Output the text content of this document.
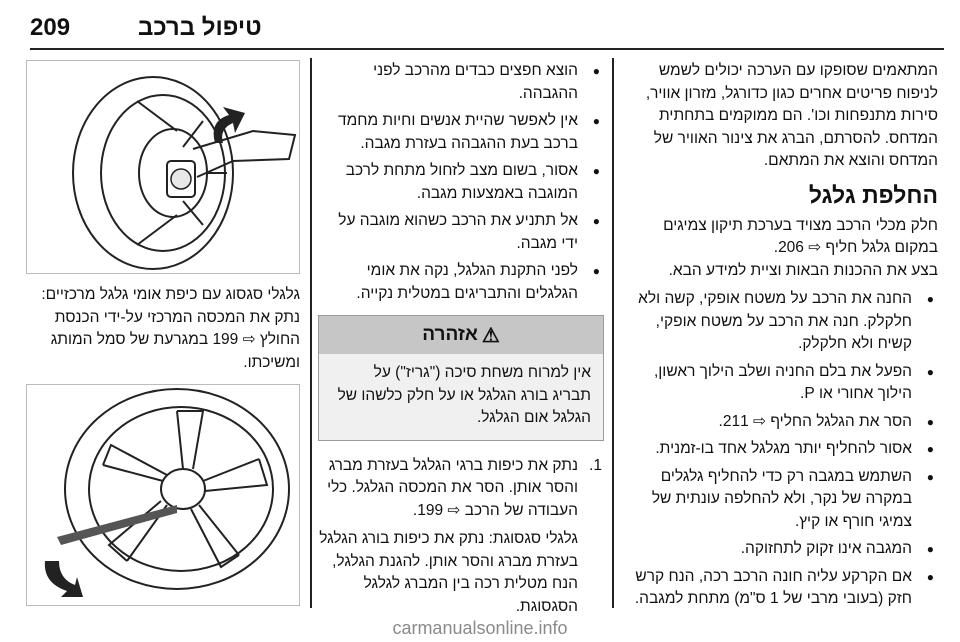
209	טיפול ברכב

המתאמים שסופקו עם הערכה יכולים לשמש לניפוח פריטים אחרים כגון כדורגל, מזרון אוויר, סירות מתנפחות וכו'. הם ממוקמים בתחתית המדחס. להסרתם, הברג את צינור האוויר של המדחס והוצא את המתאם.

החלפת גלגל

חלק מכלי הרכב מצויד בערכת תיקון צמיגים במקום גלגל חליף ⇨ 206.

בצע את ההכנות הבאות וציית למידע הבא.

● החנה את הרכב על משטח אופקי, קשה ולא חלקלק. חנה את הרכב על משטח אופקי, קשיח ולא חלקלק.
● הפעל את בלם החניה ושלב הילוך ראשון, הילוך אחורי או P.
● הסר את הגלגל החליף ⇨ 211.
● אסור להחליף יותר מגלגל אחד בו-זמנית.
● השתמש במגבה רק כדי להחליף גלגלים במקרה של נקר, ולא להחלפה עונתית של צמיגי חורף או קיץ.
● המגבה אינו זקוק לתחזוקה.
● אם הקרקע עליה חונה הרכב רכה, הנח קרש חזק (בעובי מרבי של 1 ס"מ) מתחת למגבה.
● הוצא חפצים כבדים מהרכב לפני ההגבהה.
● אין לאפשר שהיית אנשים וחיות מחמד ברכב בעת ההגבהה בעזרת מגבה.
● אסור, בשום מצב לזחול מתחת לרכב המוגבה באמצעות מגבה.
● אל תתניע את הרכב כשהוא מוגבה על ידי מגבה.
● לפני התקנת הגלגל, נקה את אומי הגלגלים והתבריגים במטלית נקייה.
⚠
אזהרה
אין למרוח משחת סיכה ("גריז") על תבריג בורג הגלגל או על חלק כלשהו של הגלגל אום הגלגל.
1.
נתק את כיפות ברגי הגלגל בעזרת מברג והסר אותן. הסר את המכסה הגלגל. כלי העבודה של הרכב ⇨ 199.
גלגלי סגסוגת: נתק את כיפות בורג הגלגל בעזרת מברג והסר אותן. להגנת הגלגל, הנח מטלית רכה בין המברג לגלגל הסגסוגת.

גלגלי סגסוג עם כיפת אומי גלגל מרכזיים: נתק את המכסה המרכזי על-ידי הכנסת החולץ ⇨ 199 במגרעת של סמל המותג ומשיכתו.

carmanualsonline.info
